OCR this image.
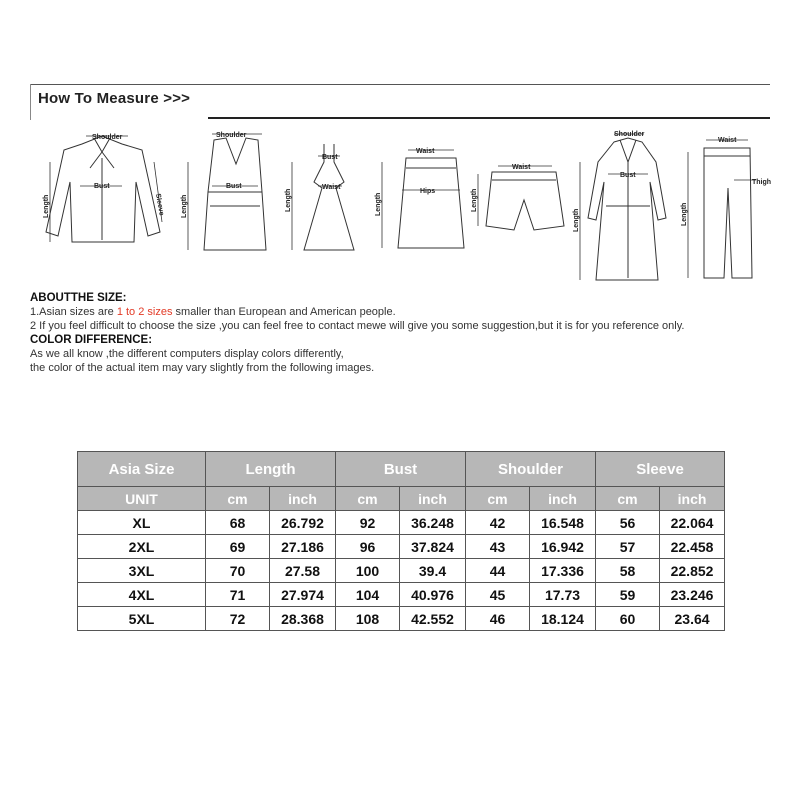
How To Measure >>>
Shoulder
Bust
Sleeve
Length
Shoulder
Bust
Length
Bust
Waist
Length
Waist
Hips
Length
Waist
Length
Shoulder
Bust
Length
Waist
Thigh
Length
ABOUTTHE SIZE:
1.Asian sizes are 1 to 2 sizes smaller than European and American people.
2 If you feel difficult to choose the size ,you can feel free to contact mewe will give you some suggestion,but it is for you reference only.
COLOR DIFFERENCE:
As we all know ,the different computers display colors differently,
the color of the actual item may vary slightly from the following images.
Asia Size	Length		Bust		Shoulder		Sleeve	
UNIT	cm	inch	cm	inch	cm	inch	cm	inch
XL	68	26.792	92	36.248	42	16.548	56	22.064
2XL	69	27.186	96	37.824	43	16.942	57	22.458
3XL	70	27.58	100	39.4	44	17.336	58	22.852
4XL	71	27.974	104	40.976	45	17.73	59	23.246
5XL	72	28.368	108	42.552	46	18.124	60	23.64
